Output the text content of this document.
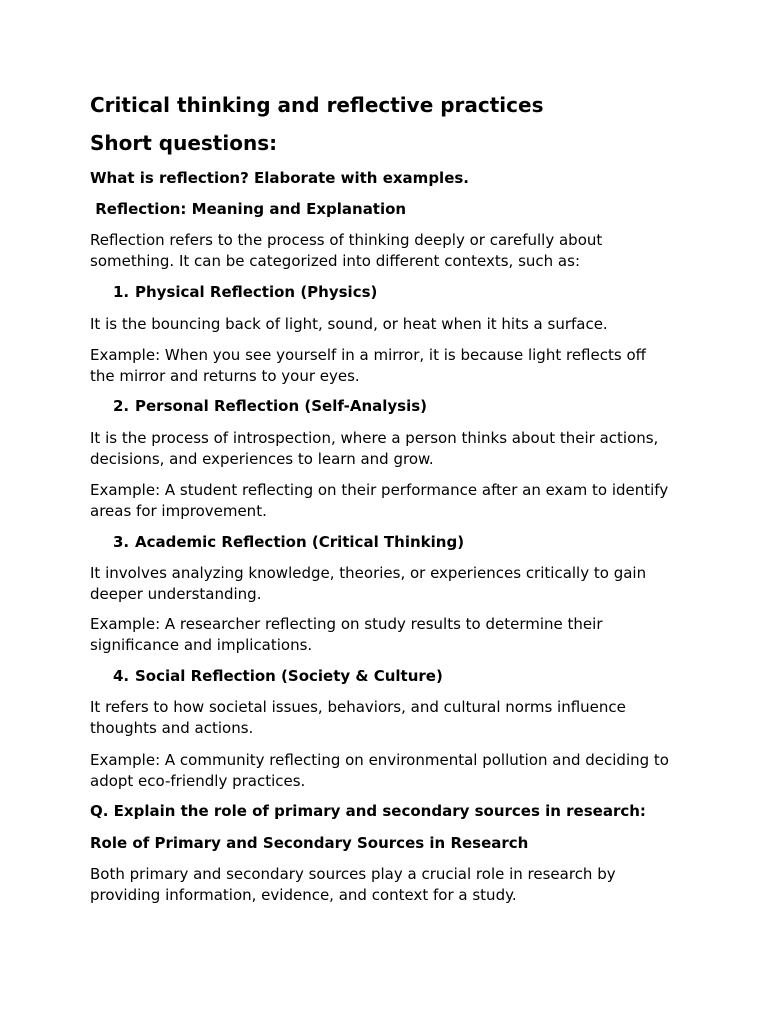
Critical thinking and reflective practices
Short questions:

What is reflection? Elaborate with examples.

Reflection: Meaning and Explanation

Reflection refers to the process of thinking deeply or carefully about
something. It can be categorized into different contexts, such as:

1. Physical Reflection (Physics)

It is the bouncing back of light, sound, or heat when it hits a surface.

Example: When you see yourself in a mirror, it is because light reflects off
the mirror and returns to your eyes.

2. Personal Reflection (Self-Analysis)

It is the process of introspection, where a person thinks about their actions,
decisions, and experiences to learn and grow.

Example: A student reflecting on their performance after an exam to identify
areas for improvement.

3. Academic Reflection (Critical Thinking)

It involves analyzing knowledge, theories, or experiences critically to gain
deeper understanding.

Example: A researcher reflecting on study results to determine their
significance and implications.

4. Social Reflection (Society & Culture)

It refers to how societal issues, behaviors, and cultural norms influence
thoughts and actions.

Example: A community reflecting on environmental pollution and deciding to
adopt eco-friendly practices.

Q. Explain the role of primary and secondary sources in research:

Role of Primary and Secondary Sources in Research

Both primary and secondary sources play a crucial role in research by
providing information, evidence, and context for a study.
